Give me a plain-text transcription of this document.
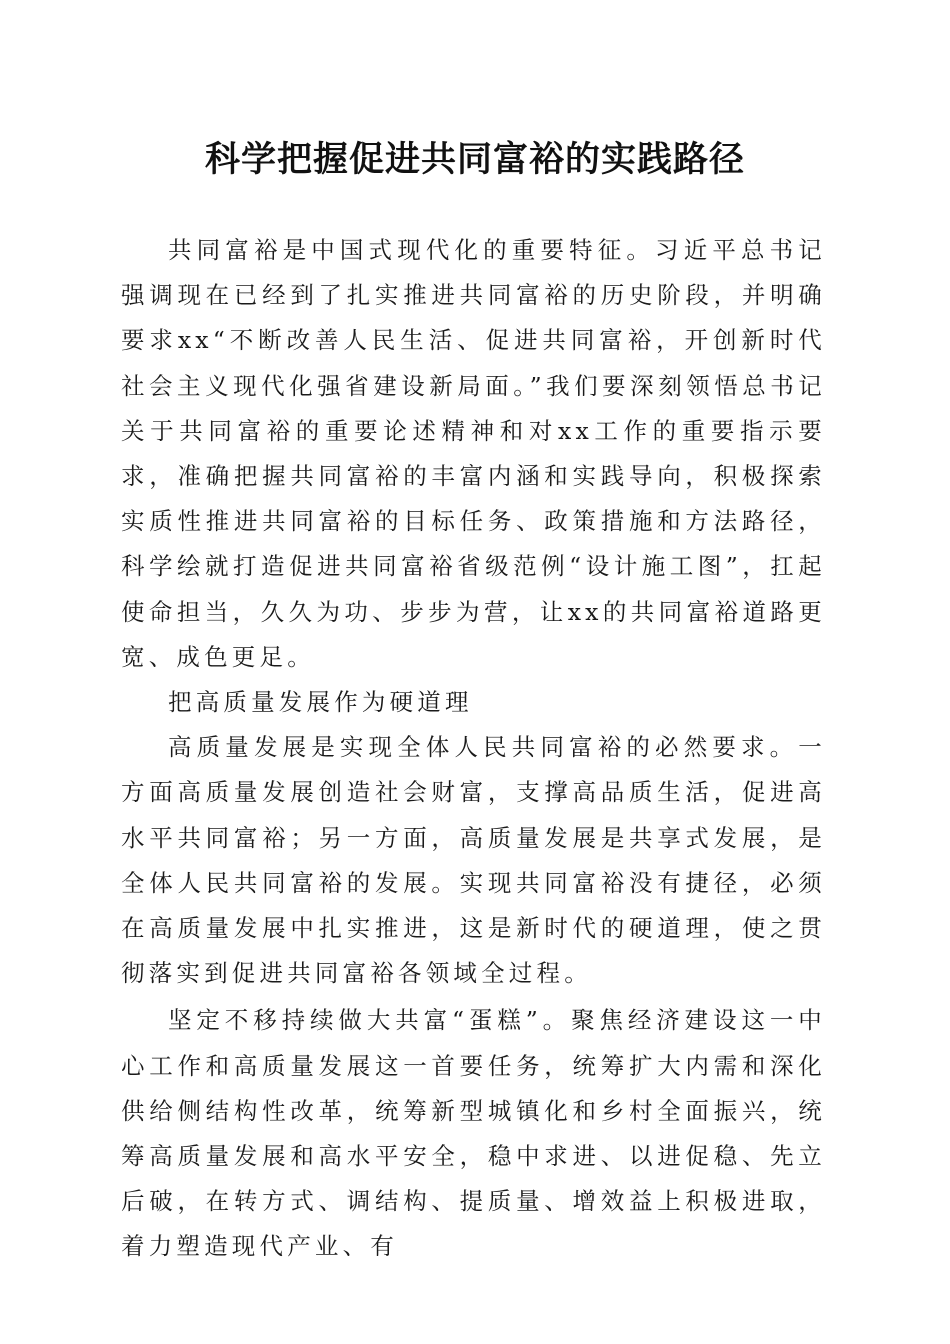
科学把握促进共同富裕的实践路径

共同富裕是中国式现代化的重要特征。习近平总书记强调现在已经到了扎实推进共同富裕的历史阶段，并明确要求xx“不断改善人民生活、促进共同富裕，开创新时代社会主义现代化强省建设新局面。”我们要深刻领悟总书记关于共同富裕的重要论述精神和对xx工作的重要指示要求，准确把握共同富裕的丰富内涵和实践导向，积极探索实质性推进共同富裕的目标任务、政策措施和方法路径，科学绘就打造促进共同富裕省级范例“设计施工图”，扛起使命担当，久久为功、步步为营，让xx的共同富裕道路更宽、成色更足。

把高质量发展作为硬道理

高质量发展是实现全体人民共同富裕的必然要求。一方面高质量发展创造社会财富，支撑高品质生活，促进高水平共同富裕；另一方面，高质量发展是共享式发展，是全体人民共同富裕的发展。实现共同富裕没有捷径，必须在高质量发展中扎实推进，这是新时代的硬道理，使之贯彻落实到促进共同富裕各领域全过程。

坚定不移持续做大共富“蛋糕”。聚焦经济建设这一中心工作和高质量发展这一首要任务，统筹扩大内需和深化供给侧结构性改革，统筹新型城镇化和乡村全面振兴，统筹高质量发展和高水平安全，稳中求进、以进促稳、先立后破，在转方式、调结构、提质量、增效益上积极进取，着力塑造现代产业、有
